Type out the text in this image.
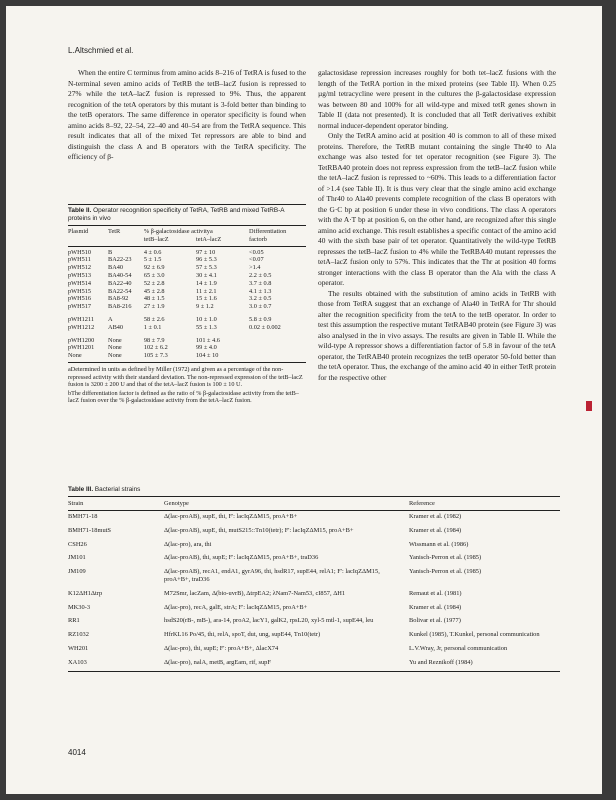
L.Altschmied et al.

When the entire C terminus from amino acids 8–216 of TetRA is fused to the N-terminal seven amino acids of TetRB the tetB–lacZ fusion is repressed to 27% while the tetA–lacZ fusion is repressed to 9%. Thus, the apparent recognition of the tetA operators by this mutant is 3-fold better than binding to the tetB operators. The same difference in operator specificity is found when amino acids 8–92, 22–54, 22–40 and 40–54 are from the TetRA sequence. This result indicates that all of the mixed Tet repressors are able to bind and distinguish the class A and B operators with the TetRA specificity. The efficiency of β-

Table II. Operator recognition specificity of TetRA, TetRB and mixed TetRB-A proteins in vivo
Plasmid	TetR	% β-galactosidase activitya		Differentiation
		tetB–lacZ	tetA–lacZ	factorb
pWH510	B	4 ± 0.6	97 ± 10	<0.05
pWH511	BA22-23	5 ± 1.5	96 ± 5.3	<0.07
pWH512	BA40	92 ± 6.9	57 ± 5.3	>1.4
pWH513	BA40-54	65 ± 3.0	30 ± 4.1	2.2 ± 0.5
pWH514	BA22-40	52 ± 2.8	14 ± 1.9	3.7 ± 0.8
pWH515	BA22-54	45 ± 2.8	11 ± 2.1	4.1 ± 1.3
pWH516	BA8-92	48 ± 1.5	15 ± 1.6	3.2 ± 0.5
pWH517	BA8-216	27 ± 1.9	9 ± 1.2	3.0 ± 0.7
pWH1211	A	58 ± 2.6	10 ± 1.0	5.8 ± 0.9
pWH1212	AB40	1 ± 0.1	55 ± 1.3	0.02 ± 0.002
pWH1200	None	98 ± 7.9	101 ± 4.6	
pWH1201	None	102 ± 6.2	99 ± 4.0	
None	None	105 ± 7.3	104 ± 10	

aDetermined in units as defined by Miller (1972) and given as a percentage of the non-repressed activity with their standard deviation. The non-repressed expression of the tetB–lacZ fusion is 3200 ± 200 U and that of the tetA–lacZ fusion is 100 ± 10 U.

bThe differentiation factor is defined as the ratio of % β-galactosidase activity from the tetB–lacZ fusion over the % β-galactosidase activity from the tetA–lacZ fusion.

galactosidase repression increases roughly for both tet–lacZ fusions with the length of the TetRA portion in the mixed proteins (see Table II). When 0.25 µg/ml tetracycline were present in the cultures the β-galactosidase expression was between 80 and 100% for all wild-type and mixed tetR genes shown in Table II (data not presented). It is concluded that all TetR derivatives exhibit normal inducer-dependent operator binding.

Only the TetRA amino acid at position 40 is common to all of these mixed proteins. Therefore, the TetRB mutant containing the single Thr40 to Ala exchange was also tested for tet operator recognition (see Figure 3). The TetRBA40 protein does not repress expression from the tetB–lacZ fusion while the tetA–lacZ fusion is repressed to ~60%. This leads to a differentiation factor of >1.4 (see Table II). It is thus very clear that the single amino acid exchange of Thr40 to Ala40 prevents complete recognition of the class B operators with the G·C bp at position 6 under these in vivo conditions. The class A operators with the A·T bp at position 6, on the other hand, are recognized after this single amino acid exchange. This result establishes a specific contact of the amino acid 40 with the sixth base pair of tet operator. Quantitatively the wild-type TetRB represses the tetB–lacZ fusion to 4% while the TetRBA40 mutant represses the tetA–lacZ fusion only to 57%. This indicates that the Thr at position 40 forms stronger interactions with the class B operator than the Ala with the class A operator.

The results obtained with the substitution of amino acids in TetRB with those from TetRA suggest that an exchange of Ala40 in TetRA for Thr should alter the recognition specificity from the tetA to the tetB operator. In order to test this assumption the respective mutant TetRAB40 protein (see Figure 3) was also analysed in the in vivo assays. The results are given in Table II. While the wild-type A repressor shows a differentiation factor of 5.8 in favour of the tetA operator, the TetRAB40 protein recognizes the tetB operator 50-fold better than the tetA operator. Thus, the exchange of the amino acid 40 in either TetR protein for the respective other

Table III. Bacterial strains
Strain	Genotype	Reference
BMH71-18	Δ(lac-proAB), supE, thi, F': lacIqZΔM15, proA+B+	Kramer et al. (1982)
BMH71-18mutS	Δ(lac-proAB), supE, thi, mutS215::Tn10(tetr); F': lacIqZΔM15, proA+B+	Kramer et al. (1984)
CSH26	Δ(lac-pro), ara, thi	Wissmann et al. (1986)
JM101	Δ(lac-proAB), thi, supE; F': lacIqZΔM15, proA+B+, traD36	Yanisch-Perron et al. (1985)
JM109	Δ(lac-proAB), recA1, endA1, gyrA96, thi, hsdR17, supE44, relA1; F': lacIqZΔM15, proA+B+, traD36	Yanisch-Perron et al. (1985)
K12ΔH1Δtrp	M72Smr, lacZam, Δ(bio-uvrB), ΔtrpEA2; λNam7-Nam53, cI857, ΔH1	Remaut et al. (1981)
MK30-3	Δ(lac-pro), recA, galE, strA; F': lacIqZΔM15, proA+B+	Kramer et al. (1984)
RR1	hsdS20(rB-, mB-), ara-14, proA2, lacY1, galK2, rpsL20, xyl-5 mtl-1, supE44, leu	Bolivar et al. (1977)
RZ1032	HfrKL16 Po/45, thi, relA, spoT, dut, ung, supE44, Tn10(tetr)	Kunkel (1985), T.Kunkel, personal communication
WH201	Δ(lac-pro), thi, supE; F': proA+B+, ΔlacX74	L.V.Wray, Jr, personal communication
XA103	Δ(lac-pro), nalA, metB, argEam, rif, supF	Yu and Reznikoff (1984)
4014
